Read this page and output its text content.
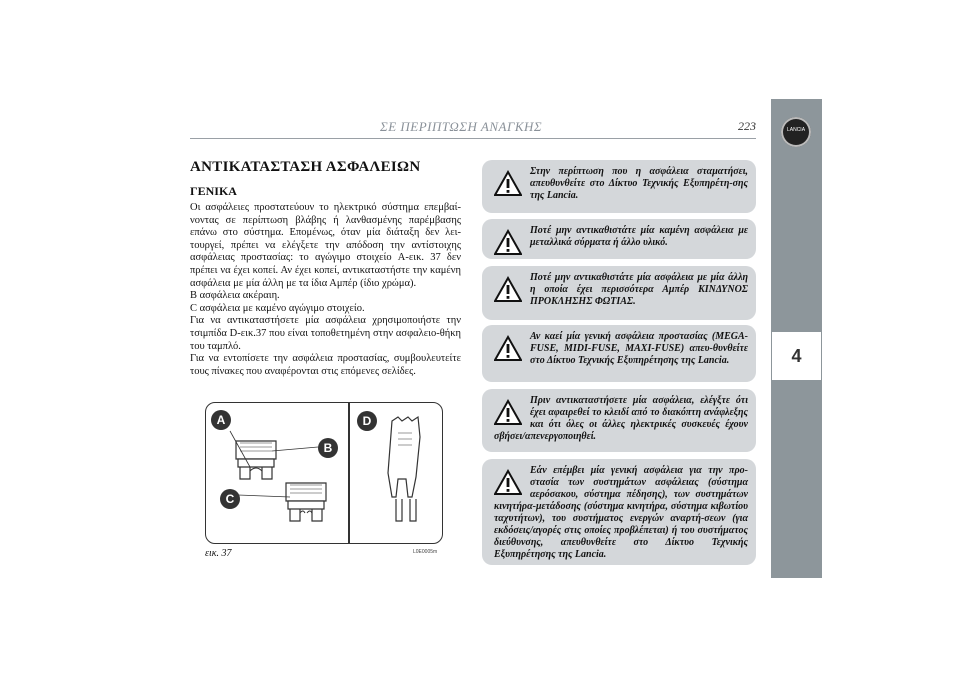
ΣΕ ΠΕΡΙΠΤΩΣΗ ΑΝΑΓΚΗΣ	223	LANCIA
4
ΑΝΤΙΚΑΤΑΣΤΑΣΗ ΑΣΦΑΛΕΙΩΝ
ΓΕΝΙΚΑ

Οι ασφάλειες προστατεύουν το ηλεκτρικό σύστημα επεμβαί-νοντας σε περίπτωση βλάβης ή λανθασμένης παρέμβασης επάνω στο σύστημα. Επομένως, όταν μία διάταξη δεν λει-τουργεί, πρέπει να ελέγξετε την απόδοση την αντίστοιχης ασφάλειας προστασίας: το αγώγιμο στοιχείο A-εικ. 37 δεν πρέπει να έχει κοπεί. Αν έχει κοπεί, αντικαταστήστε την καμένη ασφάλεια με μία άλλη με τα ίδια Αμπέρ (ίδιο χρώμα).

B ασφάλεια ακέραιη.

C ασφάλεια με καμένο αγώγιμο στοιχείο.

Για να αντικαταστήσετε μία ασφάλεια χρησιμοποιήστε την τσιμπίδα D-εικ.37 που είναι τοποθετημένη στην ασφαλειο-θήκη του ταμπλό.

Για να εντοπίσετε την ασφάλεια προστασίας, συμβουλευτείτε τους πίνακες που αναφέρονται στις επόμενες σελίδες.

A
B
C
D
εικ. 37	L0E0005m

Στην περίπτωση που η ασφάλεια σταματήσει, απευθυνθείτε στο Δίκτυο Τεχνικής Εξυπηρέτη-σης της Lancia.

Ποτέ μην αντικαθιστάτε μία καμένη ασφάλεια με μεταλλικά σύρματα ή άλλο υλικό.

Ποτέ μην αντικαθιστάτε μία ασφάλεια με μία άλλη η οποία έχει περισσότερα Αμπέρ ΚΙΝΔΥΝΟΣ ΠΡΟΚΛΗΣΗΣ ΦΩΤΙΑΣ.

Αν καεί μία γενική ασφάλεια προστασίας (MEGA-FUSE, MIDI-FUSE, MAXI-FUSE) απευ-θυνθείτε στο Δίκτυο Τεχνικής Εξυπηρέτησης της Lancia.

Πριν αντικαταστήσετε μία ασφάλεια, ελέγξτε ότι έχει αφαιρεθεί το κλειδί από το διακόπτη ανάφλεξης και ότι όλες οι άλλες ηλεκτρικές συσκευές έχουν σβήσει/απενεργοποιηθεί.

Εάν επέμβει μία γενική ασφάλεια για την προ-στασία των συστημάτων ασφάλειας (σύστημα αερόσακου, σύστημα πέδησης), των συστημάτων κινητήρα-μετάδοσης (σύστημα κινητήρα, σύστημα κιβωτίου ταχυτήτων), του συστήματος ενεργών αναρτή-σεων (για εκδόσεις/αγορές στις οποίες προβλέπεται) ή του συστήματος διεύθυνσης, απευθυνθείτε στο Δίκτυο Τεχνικής Εξυπηρέτησης της Lancia.
